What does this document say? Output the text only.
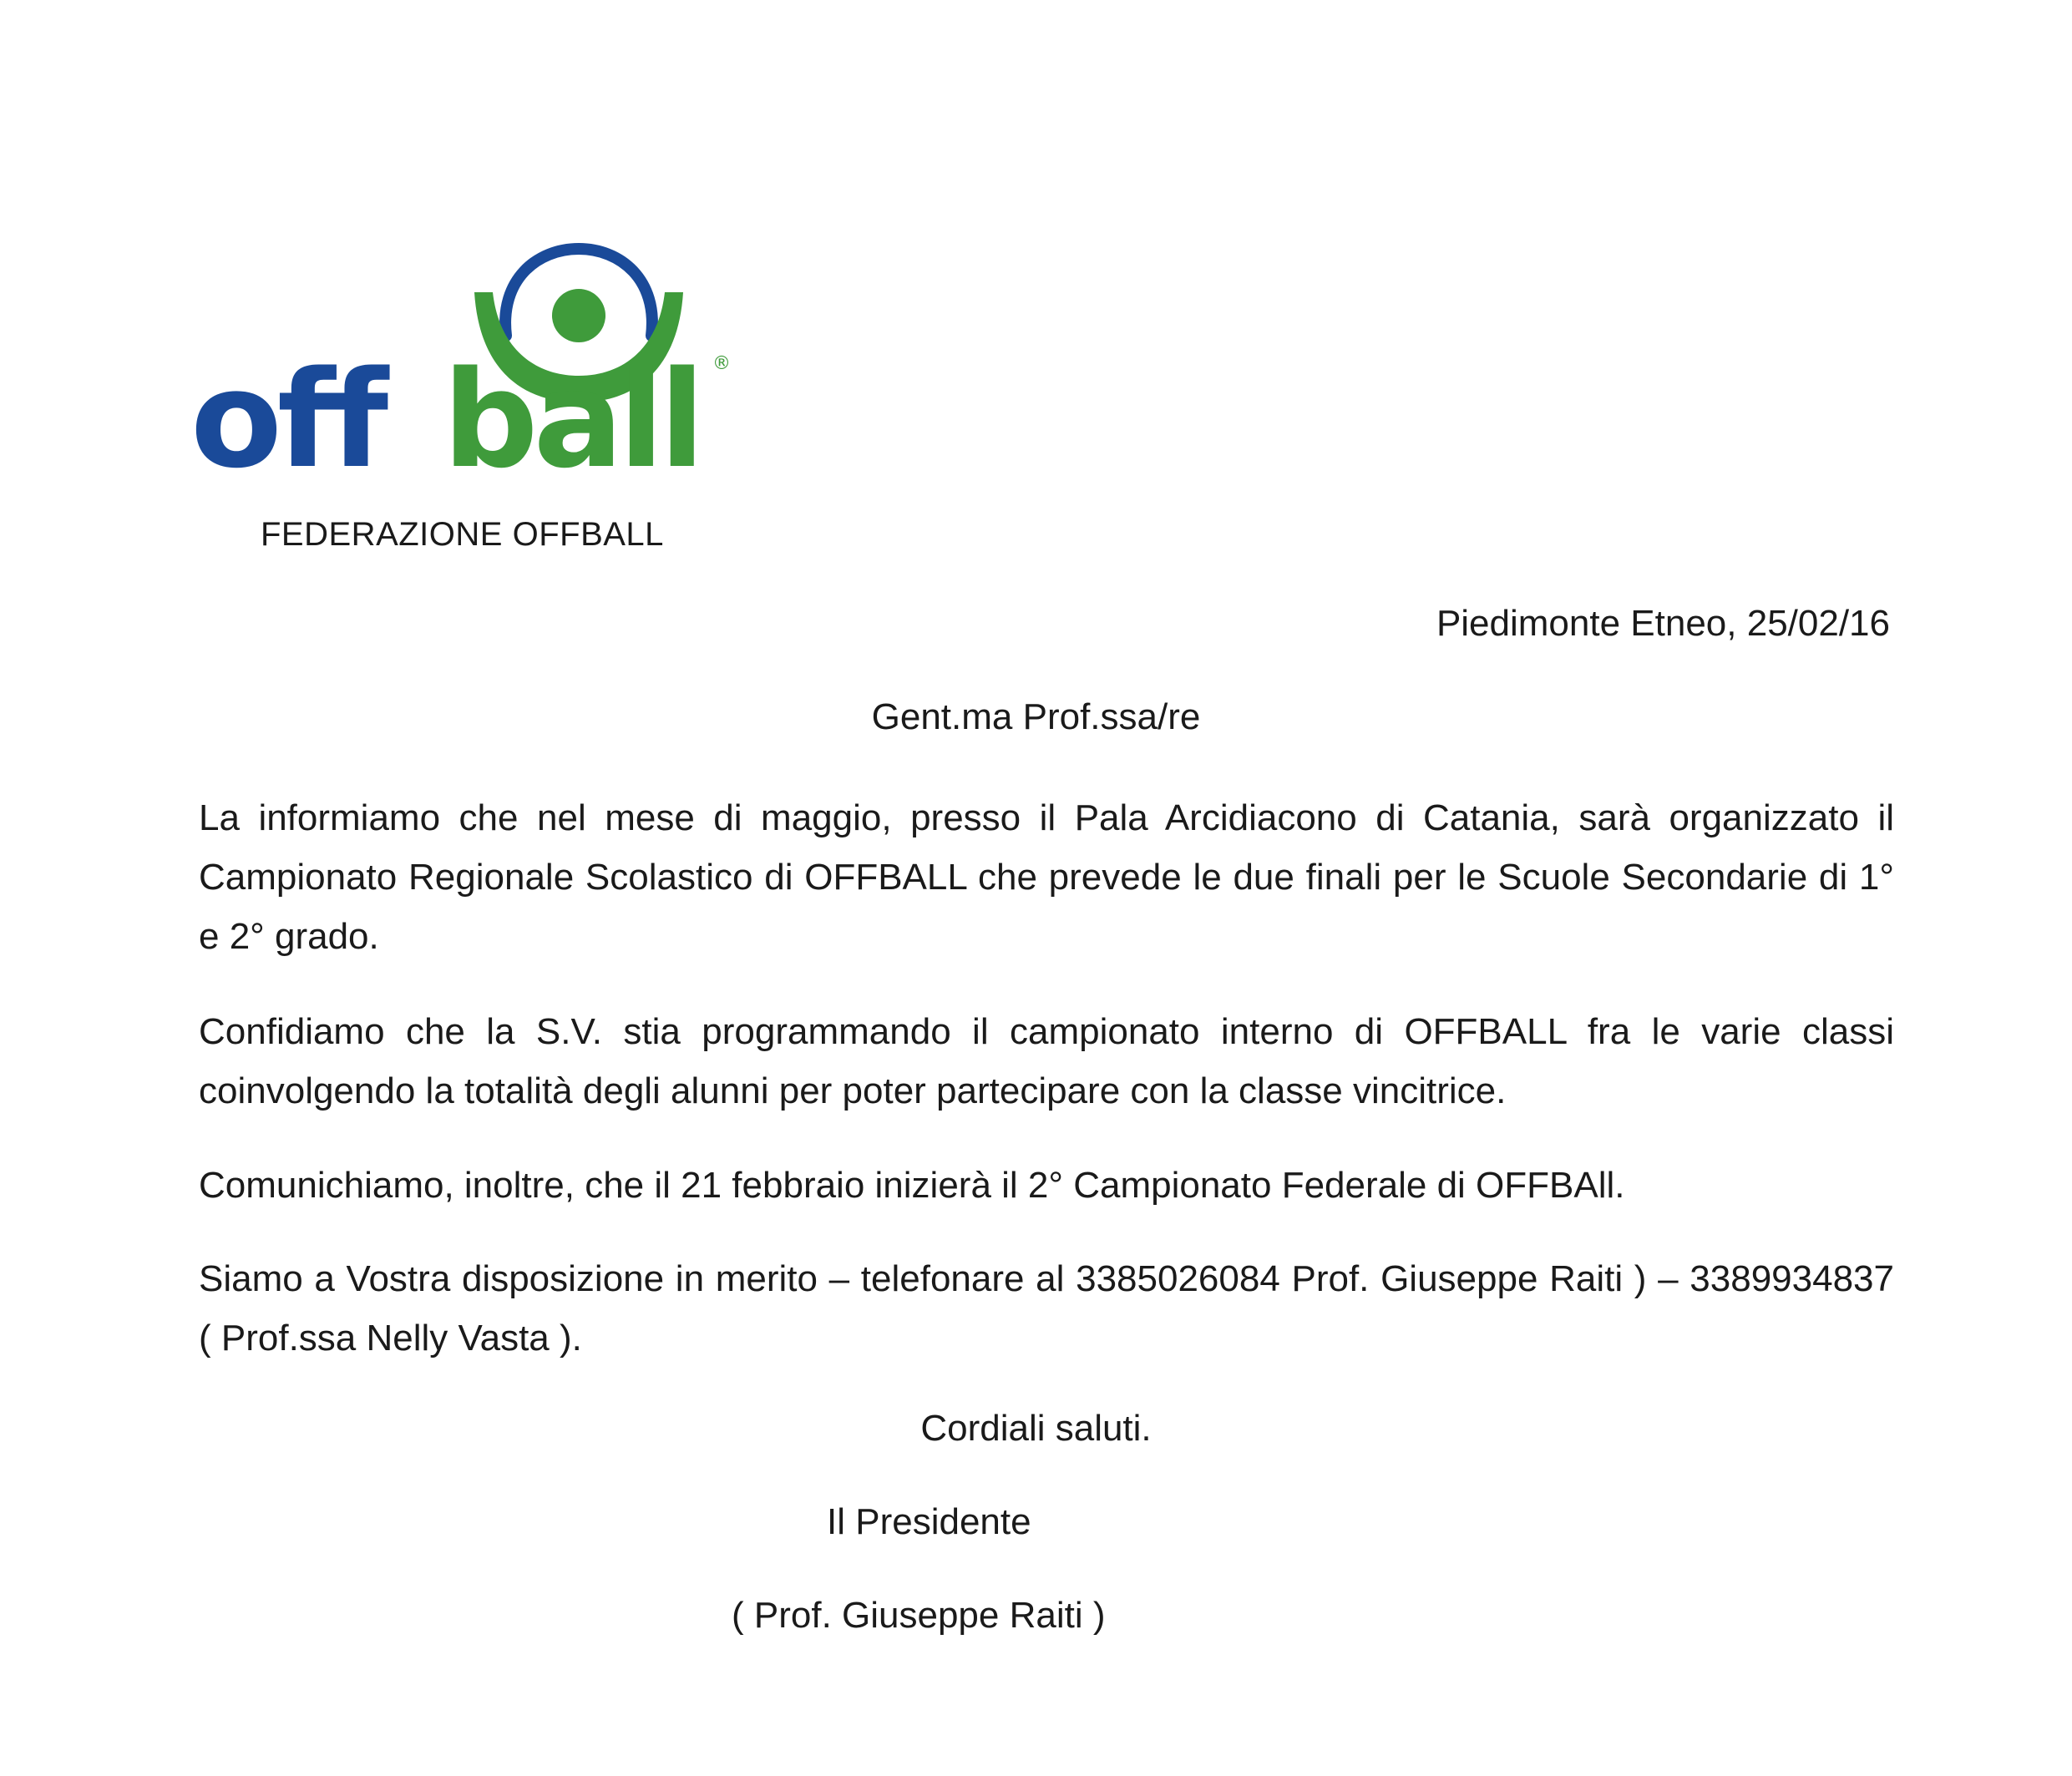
off ball ®
FEDERAZIONE OFFBALL
Piedimonte Etneo, 25/02/16
Gent.ma Prof.ssa/re

La informiamo che nel mese di maggio, presso il Pala Arcidiacono di Catania, sarà organizzato il Campionato Regionale Scolastico di OFFBALL che prevede le due finali per le Scuole Secondarie di 1° e 2° grado.

Confidiamo che la S.V. stia programmando il campionato interno di OFFBALL fra le varie classi coinvolgendo la totalità degli alunni per poter partecipare con la classe vincitrice.

Comunichiamo, inoltre, che il 21 febbraio inizierà il 2° Campionato Federale di OFFBAll.

Siamo a Vostra disposizione in merito – telefonare al 3385026084 Prof. Giuseppe Raiti ) – 3389934837 ( Prof.ssa Nelly Vasta ).

Cordiali saluti.
Il Presidente
( Prof. Giuseppe Raiti )
